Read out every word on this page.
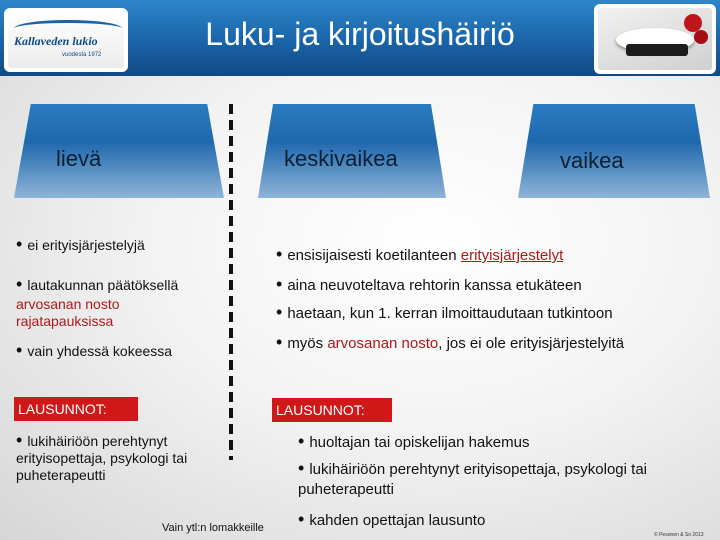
Kallaveden lukio
vuodesta 1972
Luku- ja kirjoitushäiriö
lievä	keskivaikea	vaikea
• ei erityisjärjestelyjä
• lautakunnan päätöksellä
arvosanan nosto rajatapauksissa
• vain yhdessä kokeessa
LAUSUNNOT:
• lukihäiriöön perehtynyt erityisopettaja, psykologi tai puheterapeutti
• ensisijaisesti koetilanteen erityisjärjestelyt
• aina neuvoteltava rehtorin kanssa etukäteen
• haetaan, kun 1. kerran ilmoittaudutaan tutkintoon
• myös arvosanan nosto, jos ei ole erityisjärjestelyitä
LAUSUNNOT:
• huoltajan tai opiskelijan hakemus
• lukihäiriöön perehtynyt erityisopettaja, psykologi tai puheterapeutti
• kahden opettajan lausunto
Vain ytl:n lomakkeille
© Pesonen & So 2013
